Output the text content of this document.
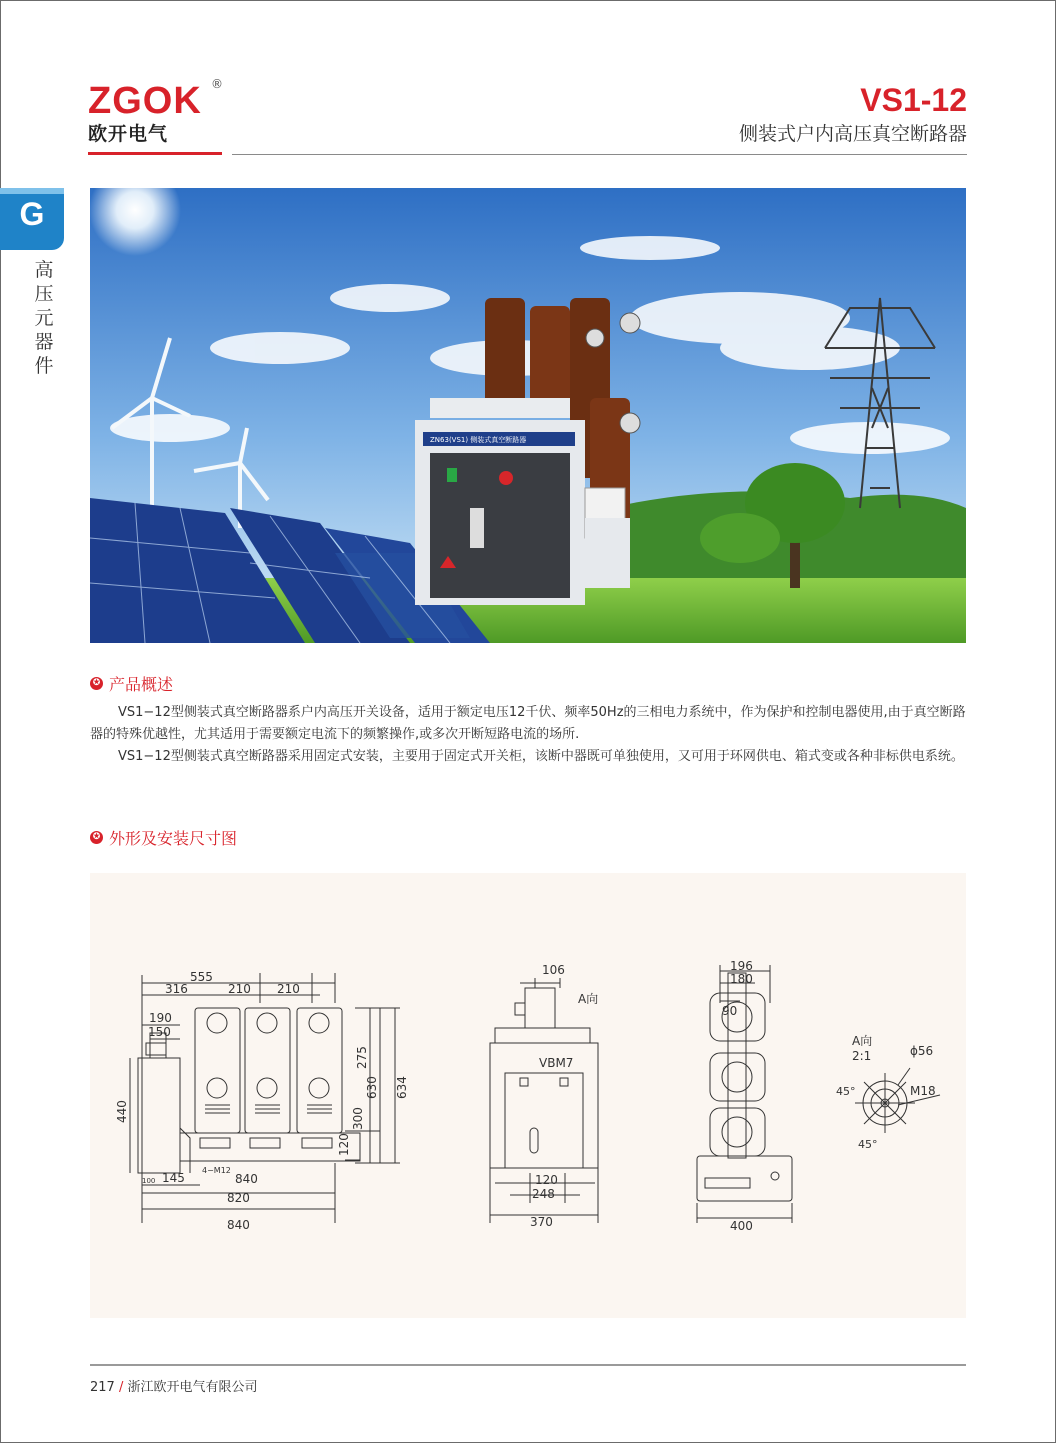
ZGOK ®
欧开电气
VS1-12
侧装式户内高压真空断路器
G
高
压
元
器
件
ZN63(VS1) 侧装式真空断路器
✪ 产品概述
VS1−12型侧装式真空断路器系户内高压开关设备，适用于额定电压12千伏、频率50Hz的三相电力系统中，作为保护和控制电器使用,由于真空断路器的特殊优越性，尤其适用于需要额定电流下的频繁操作,或多次开断短路电流的场所.
VS1−12型侧装式真空断路器采用固定式安装，主要用于固定式开关柜，该断中器既可单独使用，又可用于环网供电、箱式变或各种非标供电系统。
✪ 外形及安装尺寸图
555
316	210 210
190
150
440
275
630 634
300
120
100 145
4−M12
840
820
840
106
A向
VBM7
120
248
370
196
180
90
400
A向
2:1	ϕ56
M18
45°
45°
217 / 浙江欧开电气有限公司
